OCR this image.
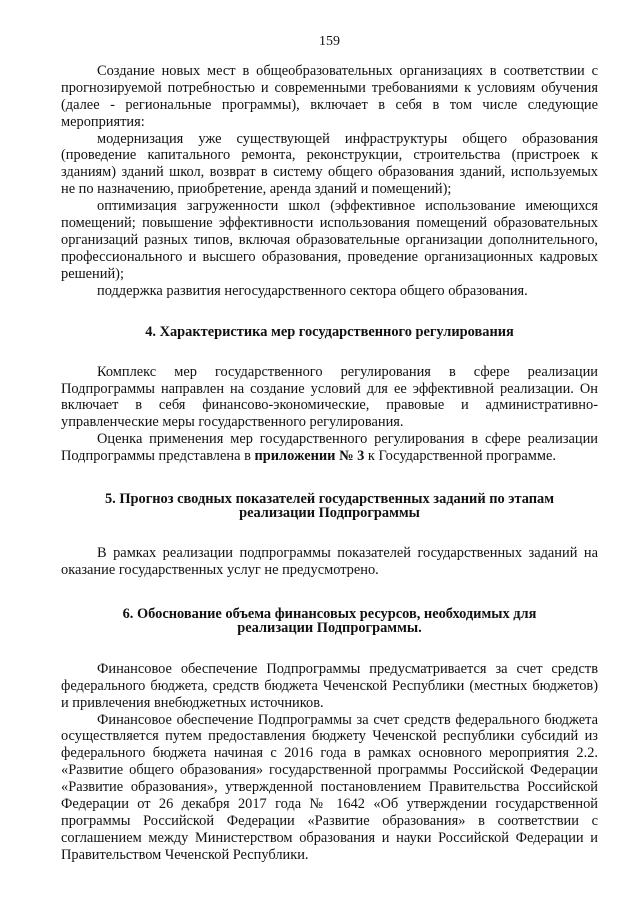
159

Создание новых мест в общеобразовательных организациях в соответствии с прогнозируемой потребностью и современными требованиями к условиям обучения (далее - региональные программы), включает в себя в том числе следующие мероприятия:

модернизация уже существующей инфраструктуры общего образования (проведение капитального ремонта, реконструкции, строительства (пристроек к зданиям) зданий школ, возврат в систему общего образования зданий, используемых не по назначению, приобретение, аренда зданий и помещений);

оптимизация загруженности школ (эффективное использование имеющихся помещений; повышение эффективности использования помещений образовательных организаций разных типов, включая образовательные организации дополнительного, профессионального и высшего образования, проведение организационных кадровых решений);

поддержка развития негосударственного сектора общего образования.

4. Характеристика мер государственного регулирования

Комплекс мер государственного регулирования в сфере реализации Подпрограммы направлен на создание условий для ее эффективной реализации. Он включает в себя финансово-экономические, правовые и административно-управленческие меры государственного регулирования.

Оценка применения мер государственного регулирования в сфере реализации Подпрограммы представлена в приложении № 3 к Государственной программе.

5. Прогноз сводных показателей государственных заданий по этапам
реализации Подпрограммы

В рамках реализации подпрограммы показателей государственных заданий на оказание государственных услуг не предусмотрено.

6. Обоснование объема финансовых ресурсов, необходимых для
реализации Подпрограммы.

Финансовое обеспечение Подпрограммы предусматривается за счет средств федерального бюджета, средств бюджета Чеченской Республики (местных бюджетов) и привлечения внебюджетных источников.

Финансовое обеспечение Подпрограммы за счет средств федерального бюджета осуществляется путем предоставления бюджету Чеченской республики субсидий из федерального бюджета начиная с 2016 года в рамках основного мероприятия 2.2. «Развитие общего образования» государственной программы Российской Федерации «Развитие образования», утвержденной постановлением Правительства Российской Федерации от 26 декабря 2017 года № 1642 «Об утверждении государственной программы Российской Федерации «Развитие образования» в соответствии с соглашением между Министерством образования и науки Российской Федерации и Правительством Чеченской Республики.
